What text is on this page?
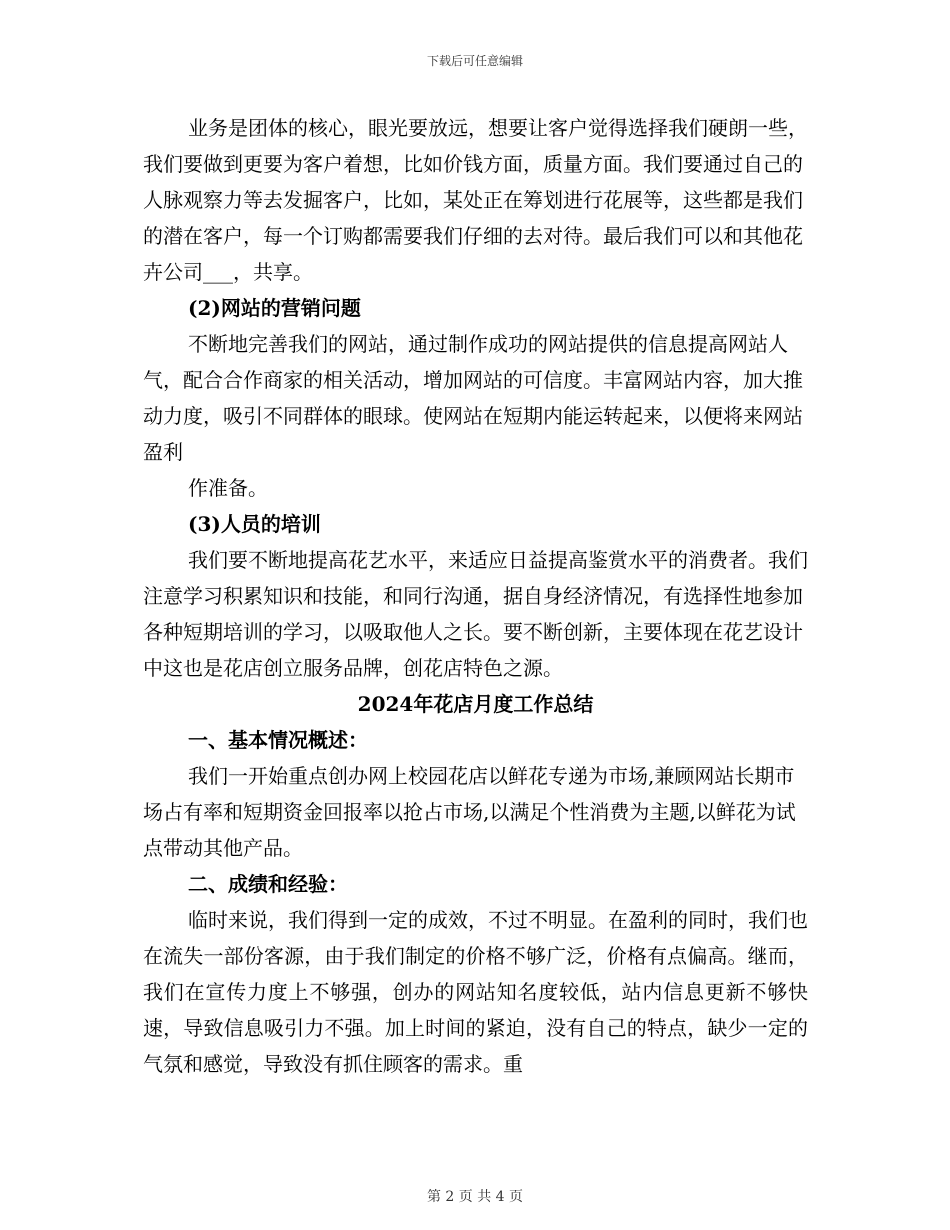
下载后可任意编辑

业务是团体的核心，眼光要放远，想要让客户觉得选择我们硬朗一些，我们要做到更要为客户着想，比如价钱方面，质量方面。我们要通过自己的人脉观察力等去发掘客户，比如，某处正在筹划进行花展等，这些都是我们的潜在客户，每一个订购都需要我们仔细的去对待。最后我们可以和其他花卉公司___，共享。

(2)网站的营销问题

不断地完善我们的网站，通过制作成功的网站提供的信息提高网站人气，配合合作商家的相关活动，增加网站的可信度。丰富网站内容，加大推动力度，吸引不同群体的眼球。使网站在短期内能运转起来，以便将来网站盈利

作准备。

(3)人员的培训

我们要不断地提高花艺水平，来适应日益提高鉴赏水平的消费者。我们注意学习积累知识和技能，和同行沟通，据自身经济情况，有选择性地参加各种短期培训的学习，以吸取他人之长。要不断创新，主要体现在花艺设计中这也是花店创立服务品牌，创花店特色之源。

2024年花店月度工作总结

一、基本情况概述：

我们一开始重点创办网上校园花店以鲜花专递为市场,兼顾网站长期市场占有率和短期资金回报率以抢占市场,以满足个性消费为主题,以鲜花为试点带动其他产品。

二、成绩和经验：

临时来说，我们得到一定的成效，不过不明显。在盈利的同时，我们也在流失一部份客源，由于我们制定的价格不够广泛，价格有点偏高。继而，我们在宣传力度上不够强，创办的网站知名度较低，站内信息更新不够快速，导致信息吸引力不强。加上时间的紧迫，没有自己的特点，缺少一定的气氛和感觉，导致没有抓住顾客的需求。重

第 2 页 共 4 页
